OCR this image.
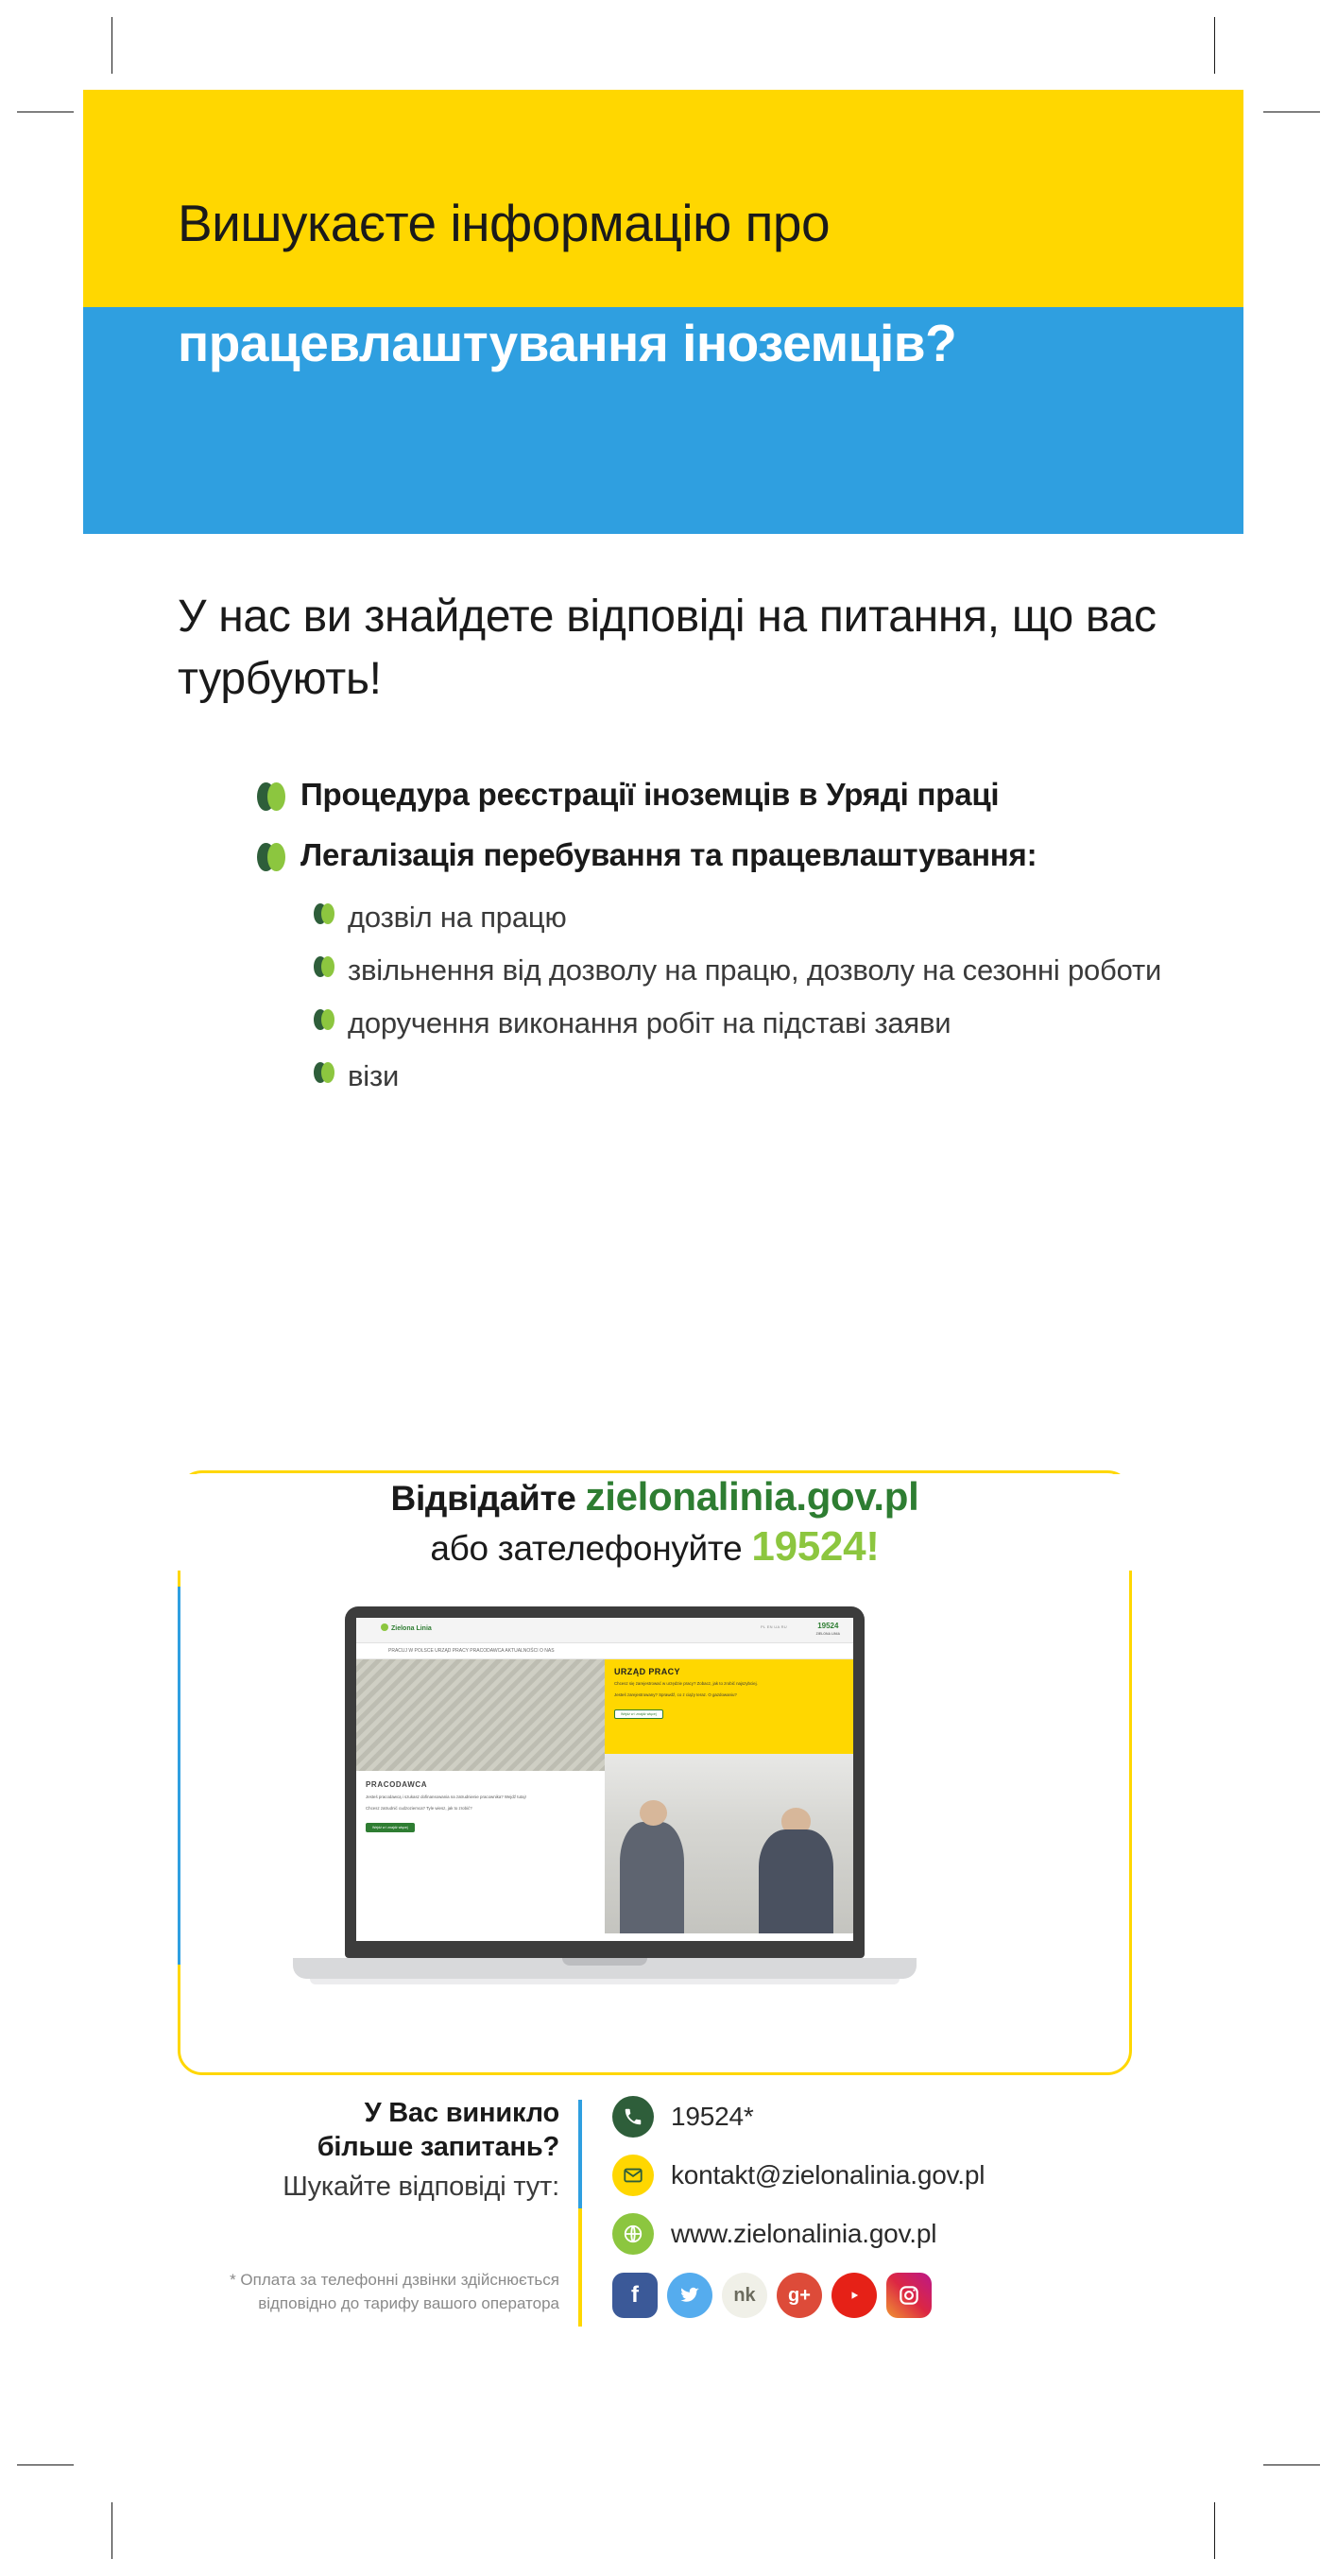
Вишукаєте інформацію про
працевлаштування іноземців?
У нас ви знайдете відповіді на питання, що вас турбують!
Процедура реєстрації іноземців в Уряді праці
Легалізація перебування та працевлаштування:
дозвіл на працю
звільнення від дозволу на працю, дозволу на сезонні роботи
доручення виконання робіт на підставі заяви
візи
Відвідайте zielonalinia.gov.pl
або зателефонуйте 19524!
Zielona Linia	PL EN UA RU	19524
ZIELONA LINIA
PRACUJ W POLSCE URZĄD PRACY PRACODAWCA AKTUALNOŚCI O NAS
PRACODAWCA

Jesteś pracodawcą i szukasz dofinansowania na zatrudnienie pracownika? Wejdź tutaj!

Chcesz zatrudnić cudzoziemca? Tyle wiesz, jak to zrobić?

Wejdź w i znajdź więcej
URZĄD PRACY

Chcesz się zarejestrować w urzędzie pracy? Zobacz, jak to zrobić najszybciej.

Jesteś zarejestrowany? Sprawdź, co z ciąży teraz. O gazdowaniu?

Wejdź w i znajdź więcej
У Вас виникло
більше запитань?
Шукайте відповіді тут:
* Оплата за телефонні дзвінки здійснюється відповідно до тарифу вашого оператора
19524*
kontakt@zielonalinia.gov.pl
www.zielonalinia.gov.pl
f	nk	g+
